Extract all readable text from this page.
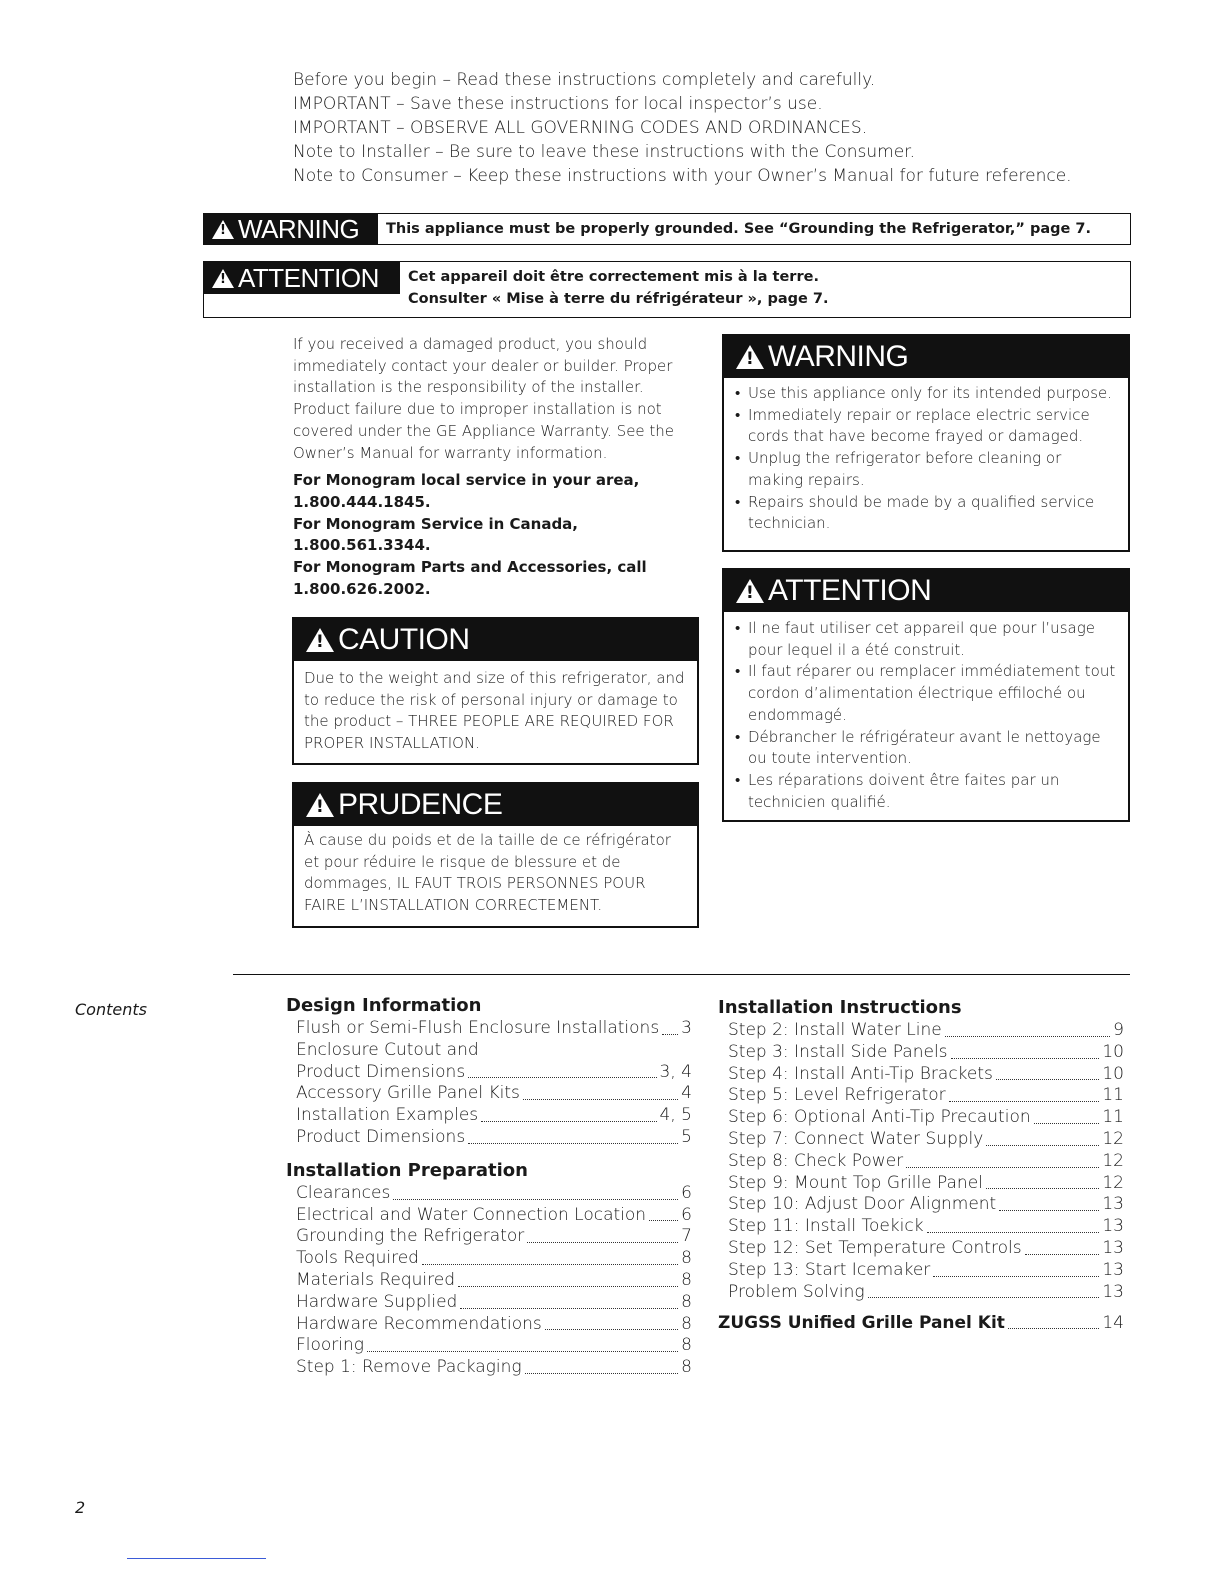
Before you begin – Read these instructions completely and carefully.

IMPORTANT – Save these instructions for local inspector’s use.

IMPORTANT – OBSERVE ALL GOVERNING CODES AND ORDINANCES.

Note to Installer – Be sure to leave these instructions with the Consumer.

Note to Consumer – Keep these instructions with your Owner’s Manual for future reference.

!
WARNING	This appliance must be properly grounded. See “Grounding the Refrigerator,” page 7.
!
ATTENTION Cet appareil doit être correctement mis à la terre.
Consulter « Mise à terre du réfrigérateur », page 7.

If you received a damaged product, you should immediately contact your dealer or builder. Proper installation is the responsibility of the installer. Product failure due to improper installation is not covered under the GE Appliance Warranty. See the Owner’s Manual for warranty information.

For Monogram local service in your area,

1.800.444.1845.

For Monogram Service in Canada,

1.800.561.3344.

For Monogram Parts and Accessories, call

1.800.626.2002.

!
CAUTION
Due to the weight and size of this refrigerator, and to reduce the risk of personal injury or damage to the product – THREE PEOPLE ARE REQUIRED FOR PROPER INSTALLATION.
!
PRUDENCE
À cause du poids et de la taille de ce réfrigérator et pour réduire le risque de blessure et de dommages, IL FAUT TROIS PERSONNES POUR FAIRE L’INSTALLATION CORRECTEMENT.
!
WARNING
• Use this appliance only for its intended purpose.
• Immediately repair or replace electric service cords that have become frayed or damaged.
• Unplug the refrigerator before cleaning or making repairs.
• Repairs should be made by a qualified service technician.
!
ATTENTION
• Il ne faut utiliser cet appareil que pour l’usage pour lequel il a été construit.
• Il faut réparer ou remplacer immédiatement tout cordon d’alimentation électrique effiloché ou endommagé.
• Débrancher le réfrigérateur avant le nettoyage ou toute intervention.
• Les réparations doivent être faites par un technicien qualifié.
Contents	Design Information
Flush or Semi-Flush Enclosure Installations 3
Enclosure Cutout and
Product Dimensions	3, 4
Accessory Grille Panel Kits	4
Installation Examples	4, 5
Product Dimensions	5
Installation Preparation
Clearances	6
Electrical and Water Connection Location 6
Grounding the Refrigerator	7
Tools Required	8
Materials Required	8
Hardware Supplied	8
Hardware Recommendations	8
Flooring	8
Step 1: Remove Packaging	8
Installation Instructions
Step 2: Install Water Line	9
Step 3: Install Side Panels	10
Step 4: Install Anti-Tip Brackets	10
Step 5: Level Refrigerator	11
Step 6: Optional Anti-Tip Precaution	11
Step 7: Connect Water Supply	12
Step 8: Check Power	12
Step 9: Mount Top Grille Panel	12
Step 10: Adjust Door Alignment	13
Step 11: Install Toekick	13
Step 12: Set Temperature Controls	13
Step 13: Start Icemaker	13
Problem Solving	13
ZUGSS Unified Grille Panel Kit	14
2
